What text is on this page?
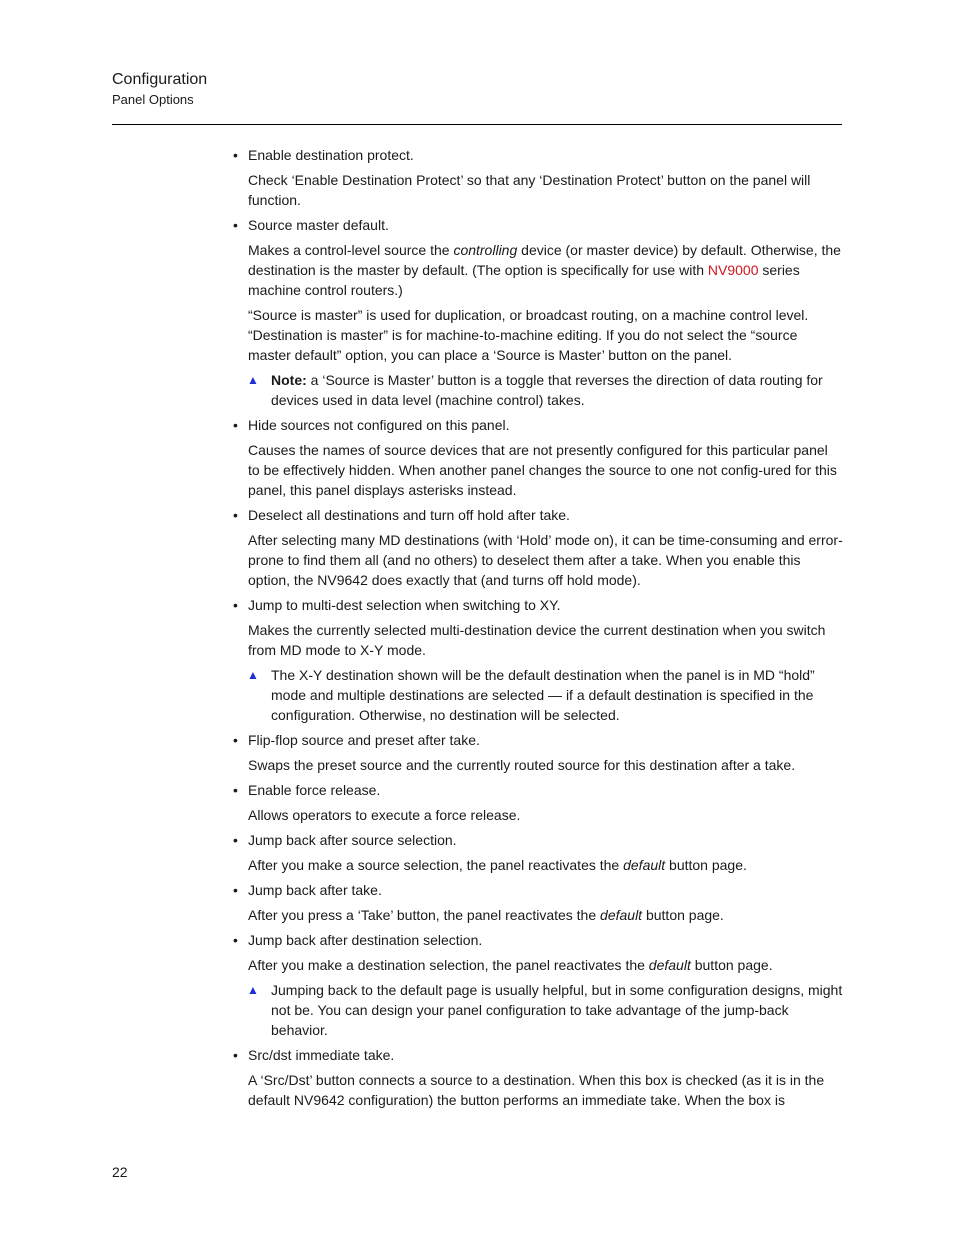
Configuration
Panel Options
• Enable destination protect.
Check ‘Enable Destination Protect’ so that any ‘Destination Protect’ button on the panel will function.
• Source master default.
Makes a control-level source the controlling device (or master device) by default. Otherwise, the destination is the master by default. (The option is specifically for use with NV9000 series machine control routers.)
“Source is master” is used for duplication, or broadcast routing, on a machine control level. “Destination is master” is for machine-to-machine editing. If you do not select the “source master default” option, you can place a ‘Source is Master’ button on the panel.
▲ Note: a ‘Source is Master’ button is a toggle that reverses the direction of data routing for devices used in data level (machine control) takes.
• Hide sources not configured on this panel.
Causes the names of source devices that are not presently configured for this particular panel to be effectively hidden. When another panel changes the source to one not config-ured for this panel, this panel displays asterisks instead.
• Deselect all destinations and turn off hold after take.
After selecting many MD destinations (with ‘Hold’ mode on), it can be time-consuming and error-prone to find them all (and no others) to deselect them after a take. When you enable this option, the NV9642 does exactly that (and turns off hold mode).
• Jump to multi-dest selection when switching to XY.
Makes the currently selected multi-destination device the current destination when you switch from MD mode to X-Y mode.
▲ The X-Y destination shown will be the default destination when the panel is in MD “hold” mode and multiple destinations are selected — if a default destination is specified in the configuration. Otherwise, no destination will be selected.
• Flip-flop source and preset after take.
Swaps the preset source and the currently routed source for this destination after a take.
• Enable force release.
Allows operators to execute a force release.
• Jump back after source selection.
After you make a source selection, the panel reactivates the default button page.
• Jump back after take.
After you press a ‘Take’ button, the panel reactivates the default button page.
• Jump back after destination selection.
After you make a destination selection, the panel reactivates the default button page.
▲ Jumping back to the default page is usually helpful, but in some configuration designs, might not be. You can design your panel configuration to take advantage of the jump-back behavior.
• Src/dst immediate take.
A ‘Src/Dst’ button connects a source to a destination. When this box is checked (as it is in the default NV9642 configuration) the button performs an immediate take. When the box is
22
